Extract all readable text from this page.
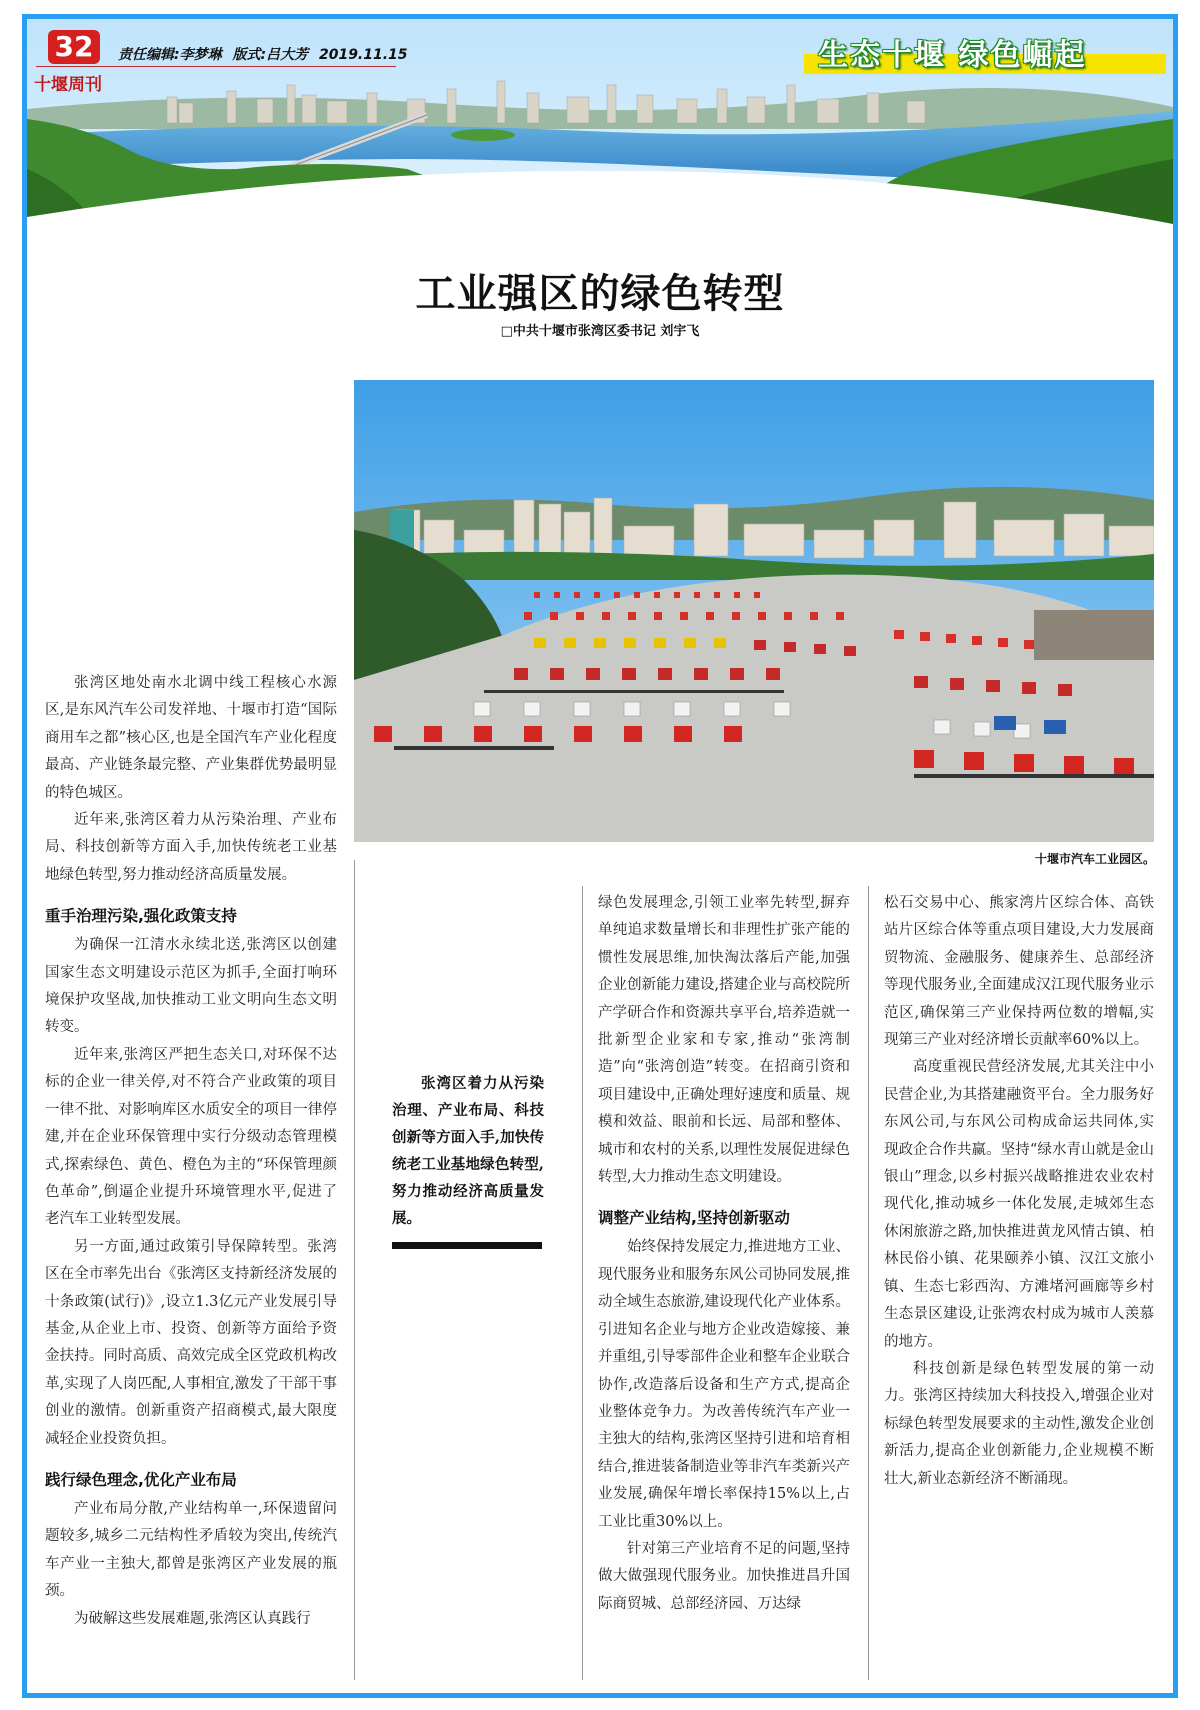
32	责任编辑:李梦琳 版式:吕大芳 2019.11.15
十堰周刊
生态十堰 绿色崛起
工业强区的绿色转型
□中共十堰市张湾区委书记 刘宇飞
十堰市汽车工业园区。

张湾区地处南水北调中线工程核心水源区,是东风汽车公司发祥地、十堰市打造“国际商用车之都”核心区,也是全国汽车产业化程度最高、产业链条最完整、产业集群优势最明显的特色城区。

近年来,张湾区着力从污染治理、产业布局、科技创新等方面入手,加快传统老工业基地绿色转型,努力推动经济高质量发展。

重手治理污染,强化政策支持

为确保一江清水永续北送,张湾区以创建国家生态文明建设示范区为抓手,全面打响环境保护攻坚战,加快推动工业文明向生态文明转变。

近年来,张湾区严把生态关口,对环保不达标的企业一律关停,对不符合产业政策的项目一律不批、对影响库区水质安全的项目一律停建,并在企业环保管理中实行分级动态管理模式,探索绿色、黄色、橙色为主的“环保管理颜色革命”,倒逼企业提升环境管理水平,促进了老汽车工业转型发展。

另一方面,通过政策引导保障转型。张湾区在全市率先出台《张湾区支持新经济发展的十条政策(试行)》,设立1.3亿元产业发展引导基金,从企业上市、投资、创新等方面给予资金扶持。同时高质、高效完成全区党政机构改革,实现了人岗匹配,人事相宜,激发了干部干事创业的激情。创新重资产招商模式,最大限度减轻企业投资负担。

践行绿色理念,优化产业布局

产业布局分散,产业结构单一,环保遗留问题较多,城乡二元结构性矛盾较为突出,传统汽车产业一主独大,都曾是张湾区产业发展的瓶颈。

为破解这些发展难题,张湾区认真践行

张湾区着力从污染治理、产业布局、科技创新等方面入手,加快传统老工业基地绿色转型,努力推动经济高质量发展。

绿色发展理念,引领工业率先转型,摒弃单纯追求数量增长和非理性扩张产能的惯性发展思维,加快淘汰落后产能,加强企业创新能力建设,搭建企业与高校院所产学研合作和资源共享平台,培养造就一批新型企业家和专家,推动“张湾制造”向“张湾创造”转变。在招商引资和项目建设中,正确处理好速度和质量、规模和效益、眼前和长远、局部和整体、城市和农村的关系,以理性发展促进绿色转型,大力推动生态文明建设。

调整产业结构,坚持创新驱动

始终保持发展定力,推进地方工业、现代服务业和服务东风公司协同发展,推动全域生态旅游,建设现代化产业体系。引进知名企业与地方企业改造嫁接、兼并重组,引导零部件企业和整车企业联合协作,改造落后设备和生产方式,提高企业整体竞争力。为改善传统汽车产业一主独大的结构,张湾区坚持引进和培育相结合,推进装备制造业等非汽车类新兴产业发展,确保年增长率保持15%以上,占工业比重30%以上。

针对第三产业培育不足的问题,坚持做大做强现代服务业。加快推进昌升国际商贸城、总部经济园、万达绿

松石交易中心、熊家湾片区综合体、高铁站片区综合体等重点项目建设,大力发展商贸物流、金融服务、健康养生、总部经济等现代服务业,全面建成汉江现代服务业示范区,确保第三产业保持两位数的增幅,实现第三产业对经济增长贡献率60%以上。

高度重视民营经济发展,尤其关注中小民营企业,为其搭建融资平台。全力服务好东风公司,与东风公司构成命运共同体,实现政企合作共赢。坚持“绿水青山就是金山银山”理念,以乡村振兴战略推进农业农村现代化,推动城乡一体化发展,走城郊生态休闲旅游之路,加快推进黄龙风情古镇、柏林民俗小镇、花果颐养小镇、汉江文旅小镇、生态七彩西沟、方滩堵河画廊等乡村生态景区建设,让张湾农村成为城市人羡慕的地方。

科技创新是绿色转型发展的第一动力。张湾区持续加大科技投入,增强企业对标绿色转型发展要求的主动性,激发企业创新活力,提高企业创新能力,企业规模不断壮大,新业态新经济不断涌现。
